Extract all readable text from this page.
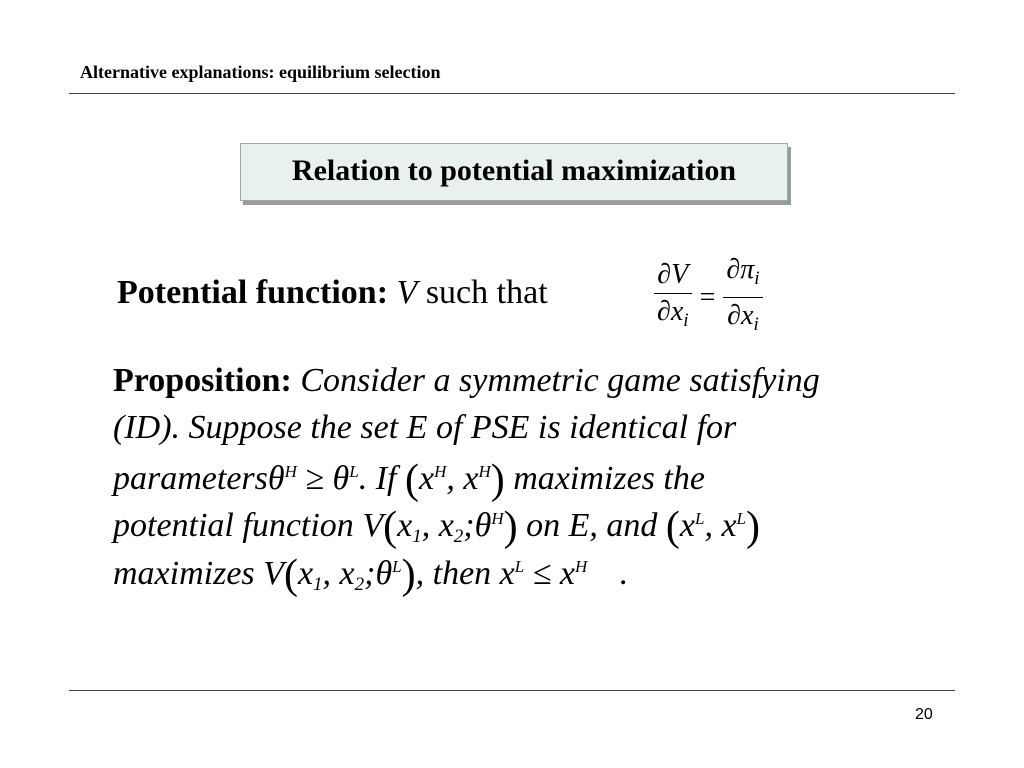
Alternative explanations: equilibrium selection
Relation to potential maximization
Potential function: V such that	$\frac{\partial V}{\partial x_i} = \frac{\partial\pi_i}{\partial x_i}$
Proposition: Consider a symmetric game satisfying
(ID). Suppose the set E of PSE is identical for
parametersθ$^H$ ≥ $\theta^L$. If ($x^H$, $x^H$) maximizes the
potential function $V(x_1$, $x_2;\theta^H$) on E, and ($x^L$, $x^L$)
maximizes $V(x_1$, $x_2;\theta^L$), then $x^L \le x^H$ .
20
